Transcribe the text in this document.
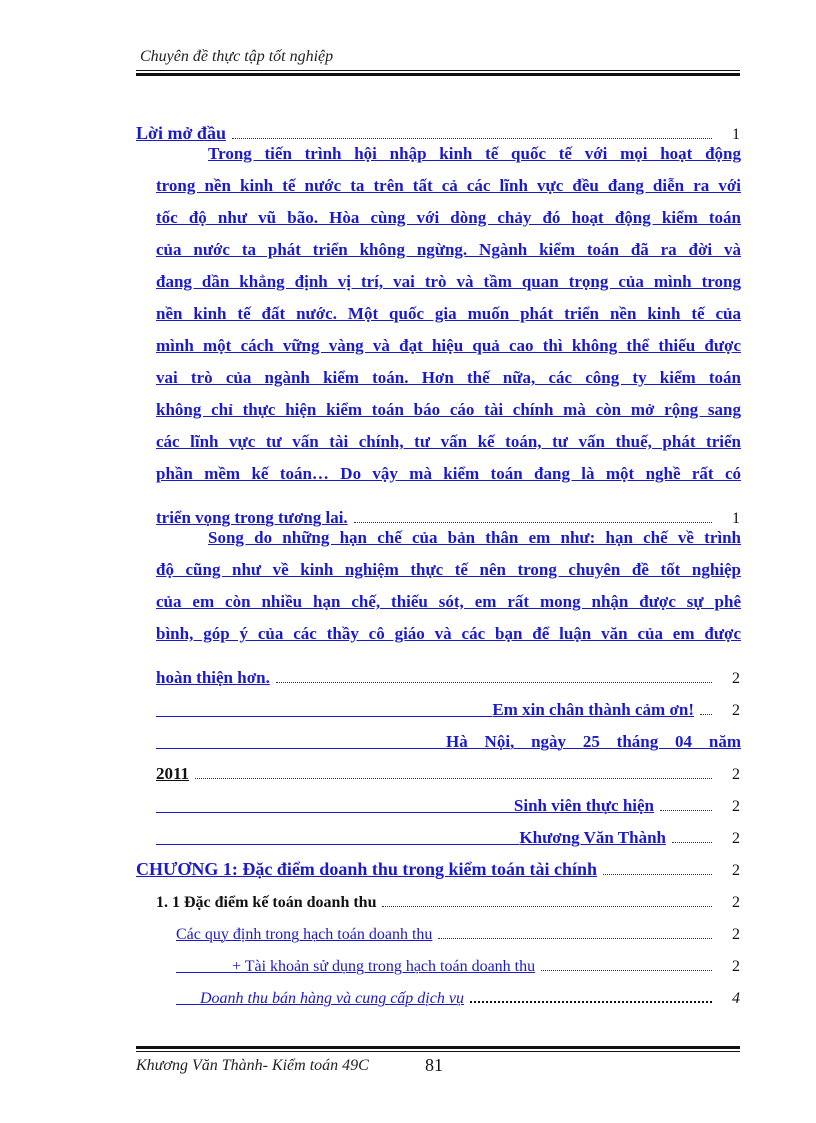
Chuyên đề thực tập tốt nghiệp
Lời mở đầu	1
Trong tiến trình hội nhập kinh tế quốc tế với mọi hoạt động
trong nền kinh tế nước ta trên tất cả các lĩnh vực đều đang diễn ra với
tốc độ như vũ bão. Hòa cùng với dòng chảy đó hoạt động kiểm toán
của nước ta phát triển không ngừng. Ngành kiểm toán đã ra đời và
đang dần khẳng định vị trí, vai trò và tầm quan trọng của mình trong
nền kinh tế đất nước. Một quốc gia muốn phát triển nền kinh tế của
mình một cách vững vàng và đạt hiệu quả cao thì không thể thiếu được
vai trò của ngành kiểm toán. Hơn thế nữa, các công ty kiểm toán
không chỉ thực hiện kiểm toán báo cáo tài chính mà còn mở rộng sang
các lĩnh vực tư vấn tài chính, tư vấn kế toán, tư vấn thuế, phát triển
phần mềm kế toán… Do vậy mà kiểm toán đang là một nghề rất có
triển vọng trong tương lai.	1
Song do những hạn chế của bản thân em như: hạn chế về trình
độ cũng như về kinh nghiệm thực tế nên trong chuyên đề tốt nghiệp
của em còn nhiều hạn chế, thiếu sót, em rất mong nhận được sự phê
bình, góp ý của các thầy cô giáo và các bạn để luận văn của em được
hoàn thiện hơn.	2
Em xin chân thành cảm ơn!	2
Hà Nội, ngày 25 tháng 04 năm
2011	2
Sinh viên thực hiện	2
Khương Văn Thành	2
CHƯƠNG 1: Đặc điểm doanh thu trong kiểm toán tài chính	2
1. 1 Đặc điểm kế toán doanh thu	2
Các quy định trong hạch toán doanh thu	2
+ Tài khoản sử dụng trong hạch toán doanh thu	2
Doanh thu bán hàng và cung cấp dịch vụ	4
Khương Văn Thành- Kiểm toán 49C	81
